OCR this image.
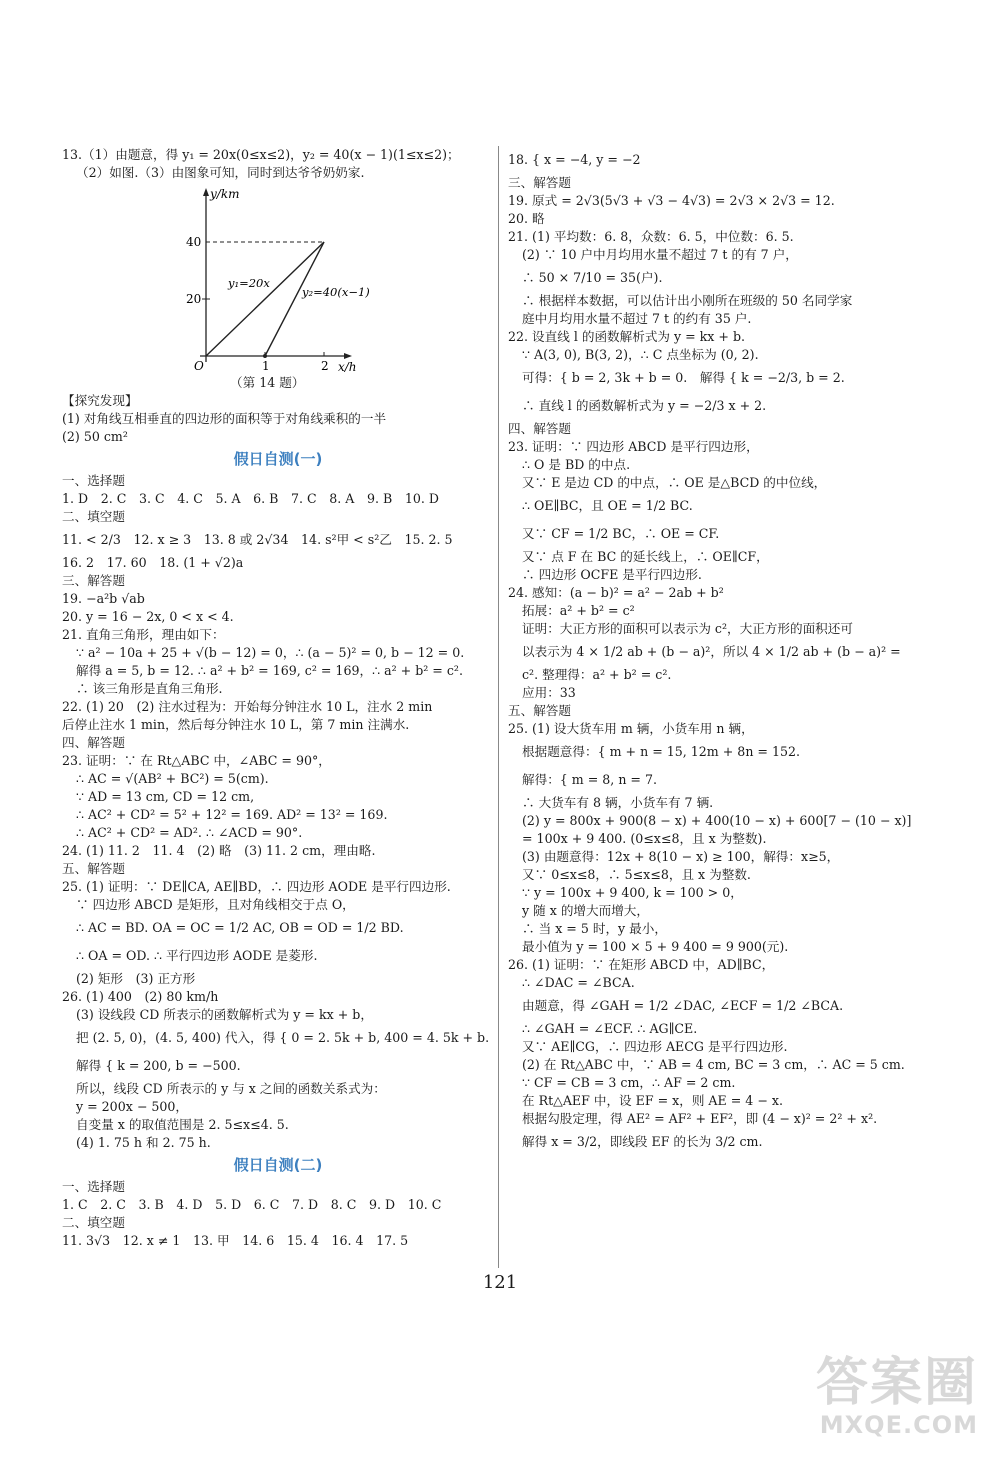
13.（1）由题意，得 y₁ = 20x(0≤x≤2)，y₂ = 40(x − 1)(1≤x≤2)；
（2）如图.（3）由图象可知，同时到达爷爷奶奶家.
y/km
x/h
40
20
O	1	2
y₁=20x
y₂=40(x−1)
（第 14 题）
【探究发现】
(1) 对角线互相垂直的四边形的面积等于对角线乘积的一半
(2) 50 cm²
假日自测(一)
一、选择题
1. D　2. C　3. C　4. C　5. A　6. B　7. C　8. A　9. B　10. D
二、填空题
11. < 2/3　12. x ≥ 3　13. 8 或 2√34　14. s²甲 < s²乙　15. 2. 5
16. 2　17. 60　18. (1 + √2)a
三、解答题
19. −a²b √ab
20. y = 16 − 2x, 0 < x < 4.
21. 直角三角形，理由如下：
∵ a² − 10a + 25 + √(b − 12) = 0，∴ (a − 5)² = 0, b − 12 = 0.
解得 a = 5, b = 12. ∴ a² + b² = 169, c² = 169，∴ a² + b² = c².
∴ 该三角形是直角三角形.
22. (1) 20　(2) 注水过程为：开始每分钟注水 10 L，注水 2 min
后停止注水 1 min，然后每分钟注水 10 L，第 7 min 注满水.
四、解答题
23. 证明：∵ 在 Rt△ABC 中，∠ABC = 90°，
∴ AC = √(AB² + BC²) = 5(cm).
∵ AD = 13 cm, CD = 12 cm,
∴ AC² + CD² = 5² + 12² = 169. AD² = 13² = 169.
∴ AC² + CD² = AD². ∴ ∠ACD = 90°.
24. (1) 11. 2　11. 4　(2) 略　(3) 11. 2 cm，理由略.
五、解答题
25. (1) 证明：∵ DE∥CA, AE∥BD，∴ 四边形 AODE 是平行四边形.
∵ 四边形 ABCD 是矩形，且对角线相交于点 O，
∴ AC = BD. OA = OC = 1/2 AC, OB = OD = 1/2 BD.
∴ OA = OD. ∴ 平行四边形 AODE 是菱形.
(2) 矩形　(3) 正方形
26. (1) 400　(2) 80 km/h
(3) 设线段 CD 所表示的函数解析式为 y = kx + b，
把 (2. 5, 0)，(4. 5, 400) 代入，得 { 0 = 2. 5k + b, 400 = 4. 5k + b.
解得 { k = 200, b = −500.
所以，线段 CD 所表示的 y 与 x 之间的函数关系式为：
y = 200x − 500，
自变量 x 的取值范围是 2. 5≤x≤4. 5.
(4) 1. 75 h 和 2. 75 h.
假日自测(二)
一、选择题
1. C　2. C　3. B　4. D　5. D　6. C　7. D　8. C　9. D　10. C
二、填空题
11. 3√3　12. x ≠ 1　13. 甲　14. 6　15. 4　16. 4　17. 5
18. { x = −4, y = −2
三、解答题
19. 原式 = 2√3(5√3 + √3 − 4√3) = 2√3 × 2√3 = 12.
20. 略
21. (1) 平均数：6. 8，众数：6. 5，中位数：6. 5.
(2) ∵ 10 户中月均用水量不超过 7 t 的有 7 户，
∴ 50 × 7/10 = 35(户).
∴ 根据样本数据，可以估计出小刚所在班级的 50 名同学家
庭中月均用水量不超过 7 t 的约有 35 户.
22. 设直线 l 的函数解析式为 y = kx + b.
∵ A(3, 0), B(3, 2)，∴ C 点坐标为 (0, 2).
可得：{ b = 2, 3k + b = 0.　解得 { k = −2/3, b = 2.
∴ 直线 l 的函数解析式为 y = −2/3 x + 2.
四、解答题
23. 证明：∵ 四边形 ABCD 是平行四边形，
∴ O 是 BD 的中点.
又∵ E 是边 CD 的中点，∴ OE 是△BCD 的中位线，
∴ OE∥BC，且 OE = 1/2 BC.
又∵ CF = 1/2 BC，∴ OE = CF.
又∵ 点 F 在 BC 的延长线上，∴ OE∥CF，
∴ 四边形 OCFE 是平行四边形.
24. 感知：(a − b)² = a² − 2ab + b²
拓展：a² + b² = c²
证明：大正方形的面积可以表示为 c²，大正方形的面积还可
以表示为 4 × 1/2 ab + (b − a)²，所以 4 × 1/2 ab + (b − a)² =
c². 整理得：a² + b² = c².
应用：33
五、解答题
25. (1) 设大货车用 m 辆，小货车用 n 辆，
根据题意得：{ m + n = 15, 12m + 8n = 152.
解得：{ m = 8, n = 7.
∴ 大货车有 8 辆，小货车有 7 辆.
(2) y = 800x + 900(8 − x) + 400(10 − x) + 600[7 − (10 − x)]
= 100x + 9 400. (0≤x≤8，且 x 为整数).
(3) 由题意得：12x + 8(10 − x) ≥ 100，解得：x≥5，
又∵ 0≤x≤8，∴ 5≤x≤8，且 x 为整数.
∵ y = 100x + 9 400, k = 100 > 0，
y 随 x 的增大而增大，
∴ 当 x = 5 时，y 最小，
最小值为 y = 100 × 5 + 9 400 = 9 900(元).
26. (1) 证明：∵ 在矩形 ABCD 中，AD∥BC，
∴ ∠DAC = ∠BCA.
由题意，得 ∠GAH = 1/2 ∠DAC, ∠ECF = 1/2 ∠BCA.
∴ ∠GAH = ∠ECF. ∴ AG∥CE.
又∵ AE∥CG，∴ 四边形 AECG 是平行四边形.
(2) 在 Rt△ABC 中，∵ AB = 4 cm, BC = 3 cm，∴ AC = 5 cm.
∵ CF = CB = 3 cm，∴ AF = 2 cm.
在 Rt△AEF 中，设 EF = x，则 AE = 4 − x.
根据勾股定理，得 AE² = AF² + EF²，即 (4 − x)² = 2² + x².
解得 x = 3/2，即线段 EF 的长为 3/2 cm.
121
答案圈
MXQE.COM
